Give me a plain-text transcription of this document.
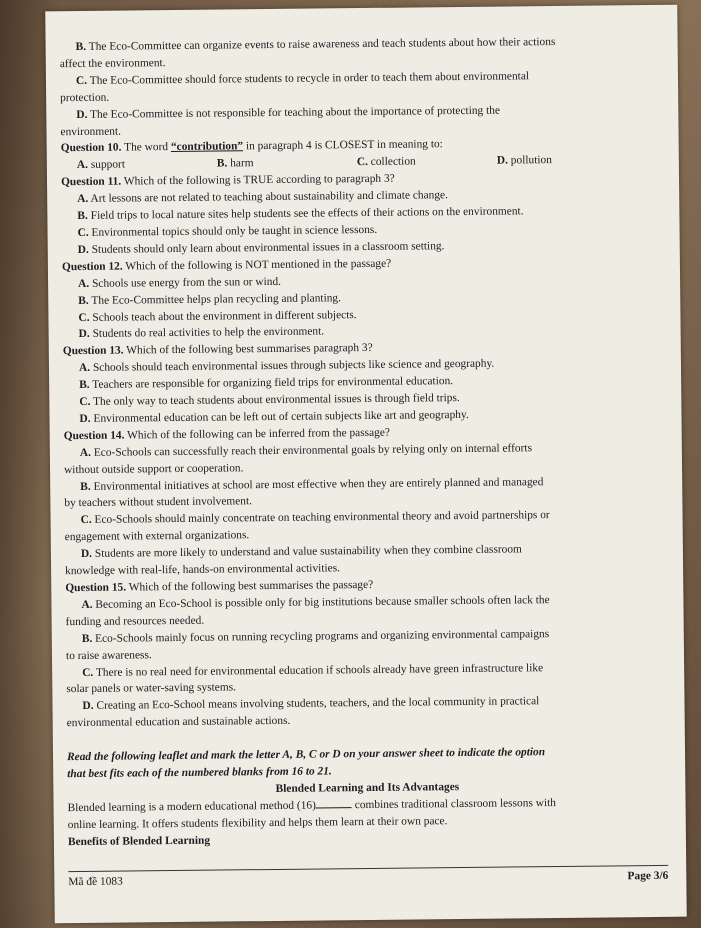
B. The Eco-Committee can organize events to raise awareness and teach students about how their actions

affect the environment.

C. The Eco-Committee should force students to recycle in order to teach them about environmental

protection.

D. The Eco-Committee is not responsible for teaching about the importance of protecting the

environment.

Question 10. The word “contribution” in paragraph 4 is CLOSEST in meaning to:

A. support	B. harm	C. collection	D. pollution

Question 11. Which of the following is TRUE according to paragraph 3?

A. Art lessons are not related to teaching about sustainability and climate change.

B. Field trips to local nature sites help students see the effects of their actions on the environment.

C. Environmental topics should only be taught in science lessons.

D. Students should only learn about environmental issues in a classroom setting.

Question 12. Which of the following is NOT mentioned in the passage?

A. Schools use energy from the sun or wind.

B. The Eco-Committee helps plan recycling and planting.

C. Schools teach about the environment in different subjects.

D. Students do real activities to help the environment.

Question 13. Which of the following best summarises paragraph 3?

A. Schools should teach environmental issues through subjects like science and geography.

B. Teachers are responsible for organizing field trips for environmental education.

C. The only way to teach students about environmental issues is through field trips.

D. Environmental education can be left out of certain subjects like art and geography.

Question 14. Which of the following can be inferred from the passage?

A. Eco-Schools can successfully reach their environmental goals by relying only on internal efforts

without outside support or cooperation.

B. Environmental initiatives at school are most effective when they are entirely planned and managed

by teachers without student involvement.

C. Eco-Schools should mainly concentrate on teaching environmental theory and avoid partnerships or

engagement with external organizations.

D. Students are more likely to understand and value sustainability when they combine classroom

knowledge with real-life, hands-on environmental activities.

Question 15. Which of the following best summarises the passage?

A. Becoming an Eco-School is possible only for big institutions because smaller schools often lack the

funding and resources needed.

B. Eco-Schools mainly focus on running recycling programs and organizing environmental campaigns

to raise awareness.

C. There is no real need for environmental education if schools already have green infrastructure like

solar panels or water-saving systems.

D. Creating an Eco-School means involving students, teachers, and the local community in practical

environmental education and sustainable actions.

Read the following leaflet and mark the letter A, B, C or D on your answer sheet to indicate the option
that best fits each of the numbered blanks from 16 to 21.

Blended Learning and Its Advantages

Blended learning is a modern educational method (16)	combines traditional classroom lessons with

online learning. It offers students flexibility and helps them learn at their own pace.

Benefits of Blended Learning

Mã đề 1083	Page 3/6
